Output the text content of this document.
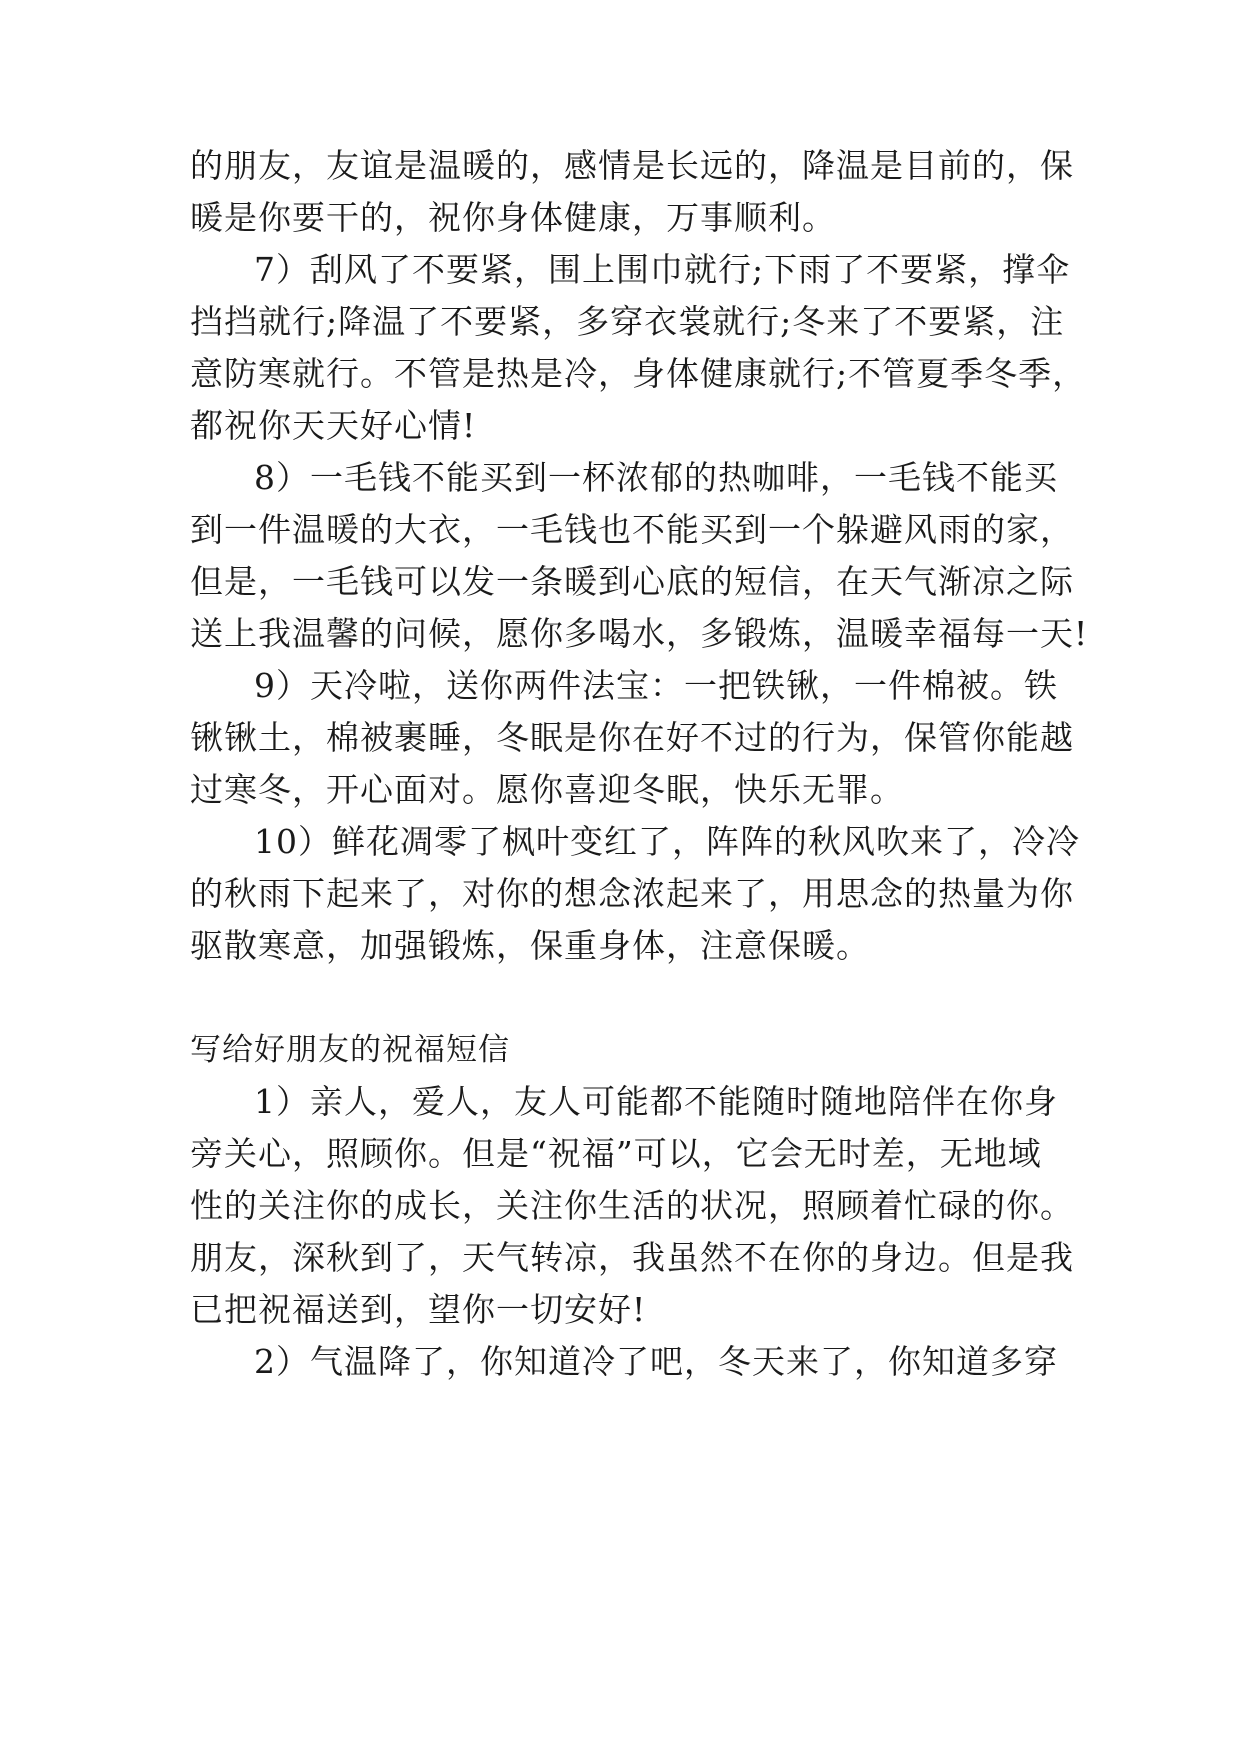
的朋友，友谊是温暖的，感情是长远的，降温是目前的，保
暖是你要干的，祝你身体健康，万事顺利。
7）刮风了不要紧，围上围巾就行;下雨了不要紧，撑伞
挡挡就行;降温了不要紧，多穿衣裳就行;冬来了不要紧，注
意防寒就行。不管是热是冷，身体健康就行;不管夏季冬季，
都祝你天天好心情!
8）一毛钱不能买到一杯浓郁的热咖啡，一毛钱不能买
到一件温暖的大衣，一毛钱也不能买到一个躲避风雨的家，
但是，一毛钱可以发一条暖到心底的短信，在天气渐凉之际
送上我温馨的问候，愿你多喝水，多锻炼，温暖幸福每一天!
9）天冷啦，送你两件法宝：一把铁锹，一件棉被。铁
锹锹土，棉被裹睡，冬眠是你在好不过的行为，保管你能越
过寒冬，开心面对。愿你喜迎冬眠，快乐无罪。
10）鲜花凋零了枫叶变红了，阵阵的秋风吹来了，冷冷
的秋雨下起来了，对你的想念浓起来了，用思念的热量为你
驱散寒意，加强锻炼，保重身体，注意保暖。
写给好朋友的祝福短信
1）亲人，爱人，友人可能都不能随时随地陪伴在你身
旁关心，照顾你。但是“祝福”可以，它会无时差，无地域
性的关注你的成长，关注你生活的状况，照顾着忙碌的你。
朋友，深秋到了，天气转凉，我虽然不在你的身边。但是我
已把祝福送到，望你一切安好!
2）气温降了，你知道冷了吧，冬天来了，你知道多穿
